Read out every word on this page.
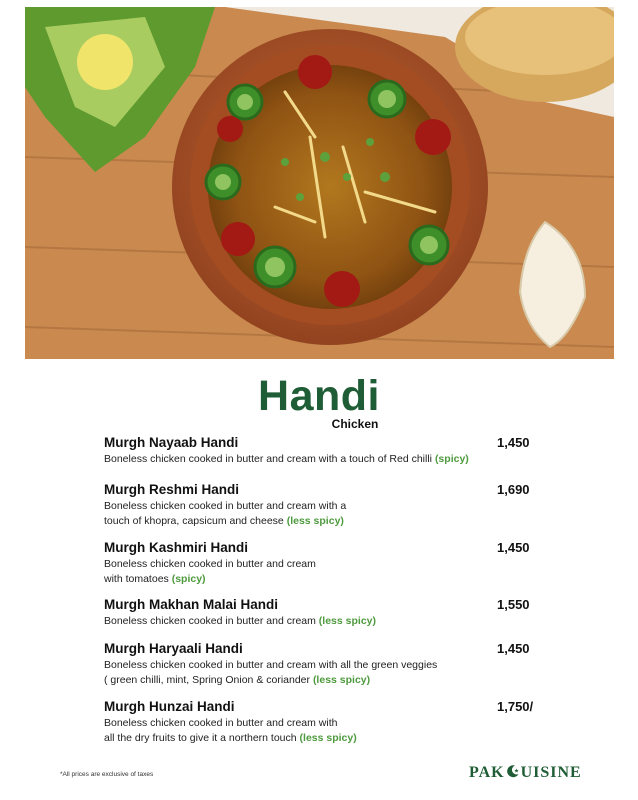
Handi
Chicken
Murgh Nayaab Handi
Boneless chicken cooked in butter and cream with a touch of Red chilli (spicy)
1,450
Murgh Reshmi Handi
Boneless chicken cooked in butter and cream with a
touch of khopra, capsicum and cheese (less spicy)
1,690
Murgh Kashmiri Handi
Boneless chicken cooked in butter and cream
with tomatoes (spicy)
1,450
Murgh Makhan Malai Handi
Boneless chicken cooked in butter and cream (less spicy)
1,550
Murgh Haryaali Handi
Boneless chicken cooked in butter and cream with all the green veggies
( green chilli, mint, Spring Onion & coriander (less spicy)
1,450
Murgh Hunzai Handi
Boneless chicken cooked in butter and cream with
all the dry fruits to give it a northern touch (less spicy)
1,750/
*All prices are exclusive of taxes	PAK UISINE
